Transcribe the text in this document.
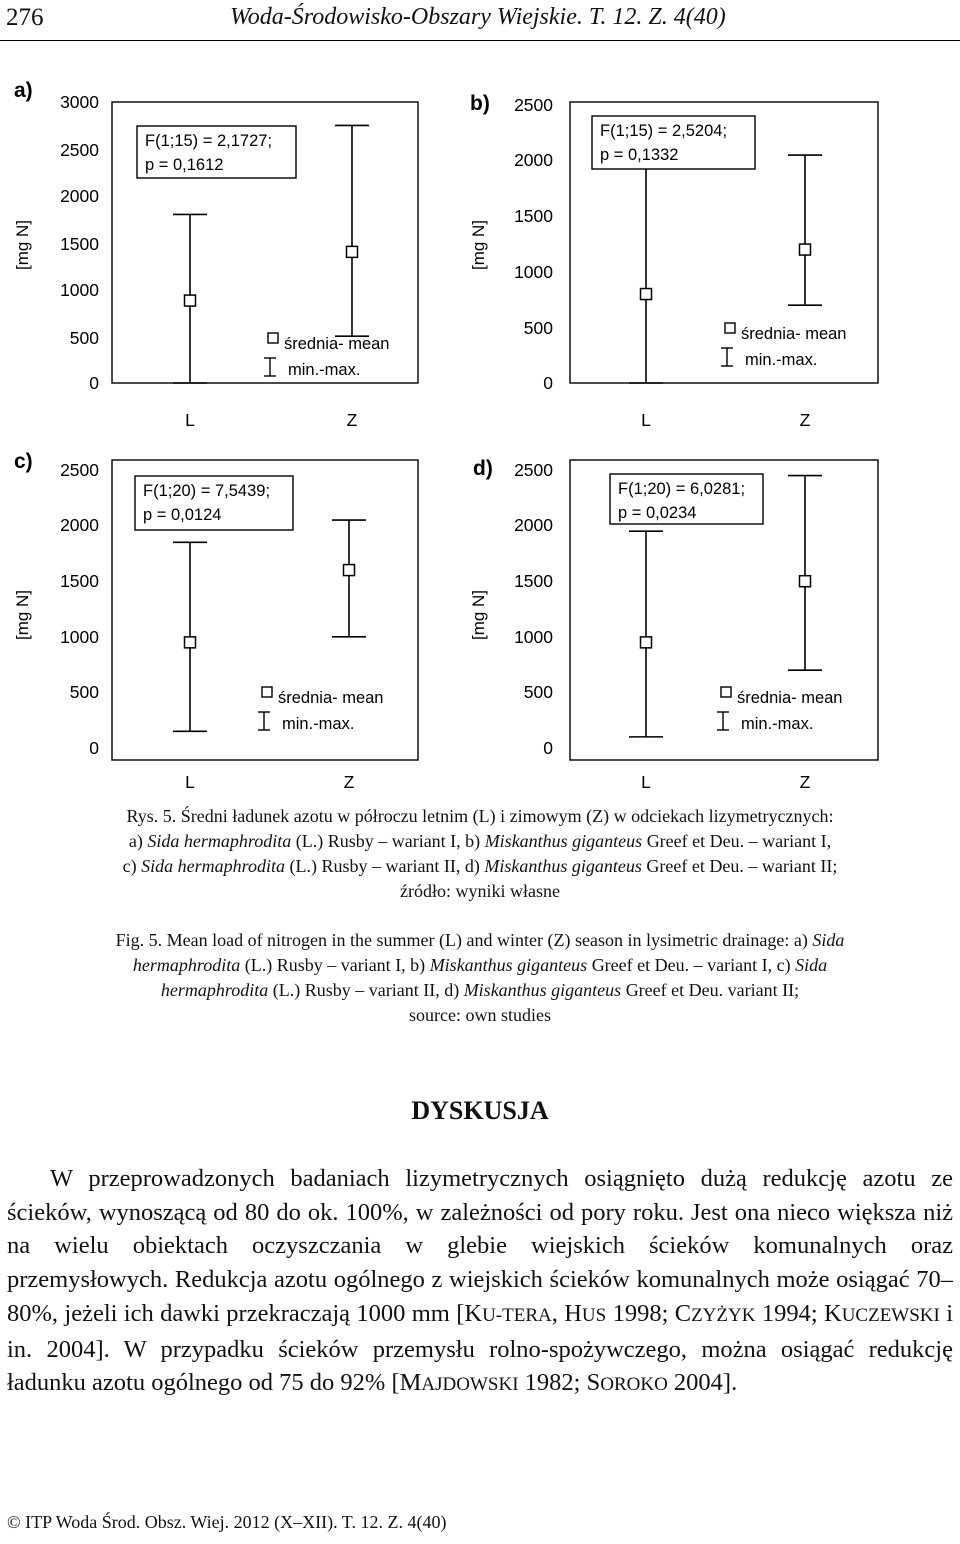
276	Woda-Środowisko-Obszary Wiejskie. T. 12. Z. 4(40)
a)
[mg N]
0
500
1000
1500
2000
2500
3000
L	Z
F(1;15) = 2,1727;
p = 0,1612
średnia- mean
min.-max.
b)
[mg N]
0
500
1000
1500
2000
2500
L	Z
F(1;15) = 2,5204;
p = 0,1332
średnia- mean
min.-max.
c)
[mg N]
0
500
1000
1500
2000
2500
L	Z
F(1;20) = 7,5439;
p = 0,0124
średnia- mean
min.-max.
d)
[mg N]
0
500
1000
1500
2000
2500
L	Z
F(1;20) = 6,0281;
p = 0,0234
średnia- mean
min.-max.
Rys. 5. Średni ładunek azotu w półroczu letnim (L) i zimowym (Z) w odciekach lizymetrycznych:
a) Sida hermaphrodita (L.) Rusby – wariant I, b) Miskanthus giganteus Greef et Deu. – wariant I,
c) Sida hermaphrodita (L.) Rusby – wariant II, d) Miskanthus giganteus Greef et Deu. – wariant II;
źródło: wyniki własne
Fig. 5. Mean load of nitrogen in the summer (L) and winter (Z) season in lysimetric drainage: a) Sida
hermaphrodita (L.) Rusby – variant I, b) Miskanthus giganteus Greef et Deu. – variant I, c) Sida
hermaphrodita (L.) Rusby – variant II, d) Miskanthus giganteus Greef et Deu. variant II;
source: own studies
DYSKUSJA
W przeprowadzonych badaniach lizymetrycznych osiągnięto dużą redukcję azotu ze ścieków, wynoszącą od 80 do ok. 100%, w zależności od pory roku. Jest ona nieco większa niż na wielu obiektach oczyszczania w glebie wiejskich ścieków komunalnych oraz przemysłowych. Redukcja azotu ogólnego z wiejskich ścieków komunalnych może osiągać 70–80%, jeżeli ich dawki przekraczają 1000 mm [KU-TERA, HUS 1998; CZYŻYK 1994; KUCZEWSKI i in. 2004]. W przypadku ścieków przemysłu rolno-spożywczego, można osiągać redukcję ładunku azotu ogólnego od 75 do 92% [MAJDOWSKI 1982; SOROKO 2004].
© ITP Woda Środ. Obsz. Wiej. 2012 (X–XII). T. 12. Z. 4(40)
